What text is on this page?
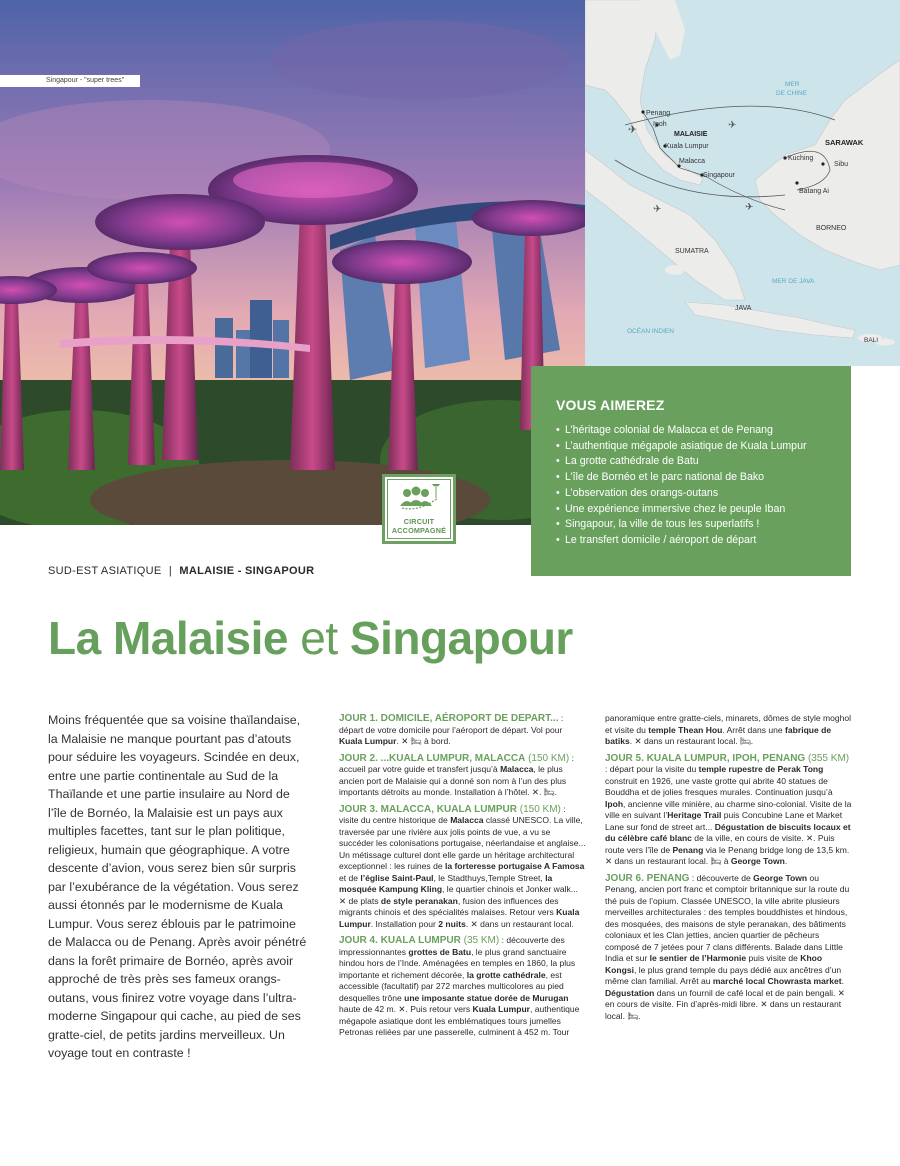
Singapour - "super trees"
✈	✈
✈
✈
MER
DE CHINE
Penang
Ipoh
MALAISIE
Kuala Lumpur
Malacca
Singapour
Kuching
SARAWAK
Sibu
Batang Ai
BORNEO
SUMATRA
MER DE JAVA
JAVA
OCÉAN INDIEN
BALI
VOUS AIMEREZ
• L’héritage colonial de Malacca et de Penang
• L’authentique mégapole asiatique de Kuala Lumpur
• La grotte cathédrale de Batu
• L’île de Bornéo et le parc national de Bako
• L’observation des orangs-outans
• Une expérience immersive chez le peuple Iban
• Singapour, la ville de tous les superlatifs !
• Le transfert domicile / aéroport de départ
CIRCUIT
ACCOMPAGNÉ
SUD-EST ASIATIQUE | MALAISIE - SINGAPOUR
La Malaisie et Singapour

Moins fréquentée que sa voisine thaïlandaise, la Malaisie ne manque pourtant pas d’atouts pour séduire les voyageurs. Scindée en deux, entre une partie continentale au Sud de la Thaïlande et une partie insulaire au Nord de l’île de Bornéo, la Malaisie est un pays aux multiples facettes, tant sur le plan politique, religieux, humain que géographique. A votre descente d’avion, vous serez bien sûr surpris par l’exubérance de la végétation. Vous serez aussi étonnés par le modernisme de Kuala Lumpur. Vous serez éblouis par le patrimoine de Malacca ou de Penang. Après avoir pénétré dans la forêt primaire de Bornéo, après avoir approché de très près ses fameux orangs- outans, vous finirez votre voyage dans l’ultra-moderne Singapour qui cache, au pied de ses gratte-ciel, de petits jardins merveilleux. Un voyage tout en contraste !

JOUR 1. DOMICILE, AÉROPORT DE DEPART... : départ de votre domicile pour l’aéroport de départ. Vol pour Kuala Lumpur. ✕ 🛏 à bord.

JOUR 2. ...KUALA LUMPUR, MALACCA (150 KM) : accueil par votre guide et transfert jusqu’à Malacca, le plus ancien port de Malaisie qui a donné son nom à l’un des plus importants détroits au monde. Installation à l’hôtel. ✕. 🛏.

JOUR 3. MALACCA, KUALA LUMPUR (150 KM) : visite du centre historique de Malacca classé UNESCO. La ville, traversée par une rivière aux jolis points de vue, a vu se succéder les colonisations portugaise, néerlandaise et anglaise... Un métissage culturel dont elle garde un héritage architectural exceptionnel : les ruines de la forteresse portugaise A Famosa et de l’église Saint-Paul, le Stadthuys,Temple Street, la mosquée Kampung Kling, le quartier chinois et Jonker walk... ✕ de plats de style peranakan, fusion des influences des migrants chinois et des spécialités malaises. Retour vers Kuala Lumpur. Installation pour 2 nuits. ✕ dans un restaurant local.

JOUR 4. KUALA LUMPUR (35 KM) : découverte des impressionnantes grottes de Batu, le plus grand sanctuaire hindou hors de l’Inde. Aménagées en temples en 1860, la plus importante et richement décorée, la grotte cathédrale, est accessible (facultatif) par 272 marches multicolores au pied desquelles trône une imposante statue dorée de Murugan haute de 42 m. ✕. Puis retour vers Kuala Lumpur, authentique mégapole asiatique dont les emblématiques tours jumelles Petronas reliées par une passerelle, culminent à 452 m. Tour

panoramique entre gratte-ciels, minarets, dômes de style moghol et visite du temple Thean Hou. Arrêt dans une fabrique de batiks. ✕ dans un restaurant local. 🛏.

JOUR 5. KUALA LUMPUR, IPOH, PENANG (355 KM) : départ pour la visite du temple rupestre de Perak Tong construit en 1926, une vaste grotte qui abrite 40 statues de Bouddha et de jolies fresques murales. Continuation jusqu’à Ipoh, ancienne ville minière, au charme sino-colonial. Visite de la ville en suivant l’Heritage Trail puis Concubine Lane et Market Lane sur fond de street art... Dégustation de biscuits locaux et du célèbre café blanc de la ville, en cours de visite. ✕. Puis route vers l’île de Penang via le Penang bridge long de 13,5 km. ✕ dans un restaurant local. 🛏 à George Town.

JOUR 6. PENANG : découverte de George Town ou Penang, ancien port franc et comptoir britannique sur la route du thé puis de l’opium. Classée UNESCO, la ville abrite plusieurs merveilles architecturales : des temples bouddhistes et hindous, des mosquées, des maisons de style peranakan, des bâtiments coloniaux et les Clan jetties, ancien quartier de pêcheurs composé de 7 jetées pour 7 clans différents. Balade dans Little India et sur le sentier de l’Harmonie puis visite de Khoo Kongsi, le plus grand temple du pays dédié aux ancêtres d’un même clan familial. Arrêt au marché local Chowrasta market. Dégustation dans un fournil de café local et de pain bengali. ✕ en cours de visite. Fin d’après-midi libre. ✕ dans un restaurant local. 🛏.
